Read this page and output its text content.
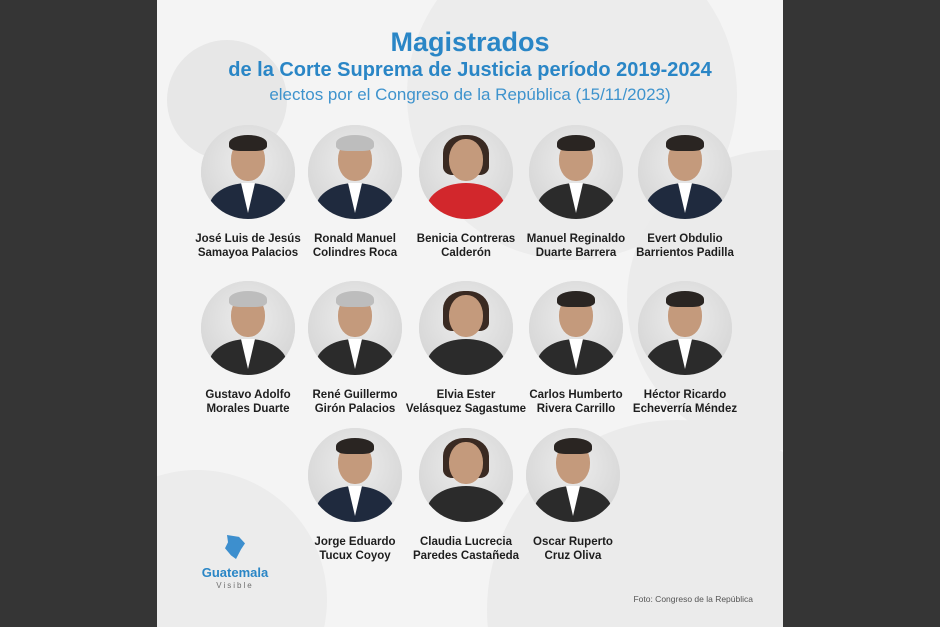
Magistrados
de la Corte Suprema de Justicia período 2019-2024

electos por el Congreso de la República (15/11/2023)

José Luis de Jesús
Samayoa Palacios
Ronald Manuel
Colindres Roca
Benicia Contreras
Calderón
Manuel Reginaldo
Duarte Barrera
Evert Obdulio
Barrientos Padilla
Gustavo Adolfo
Morales Duarte
René Guillermo
Girón Palacios
Elvia Ester
Velásquez Sagastume
Carlos Humberto
Rivera Carrillo
Héctor Ricardo
Echeverría Méndez
Jorge Eduardo
Tucux Coyoy
Claudia Lucrecia
Paredes Castañeda
Oscar Ruperto
Cruz Oliva
Guatemala
Visible
Foto: Congreso de la República
